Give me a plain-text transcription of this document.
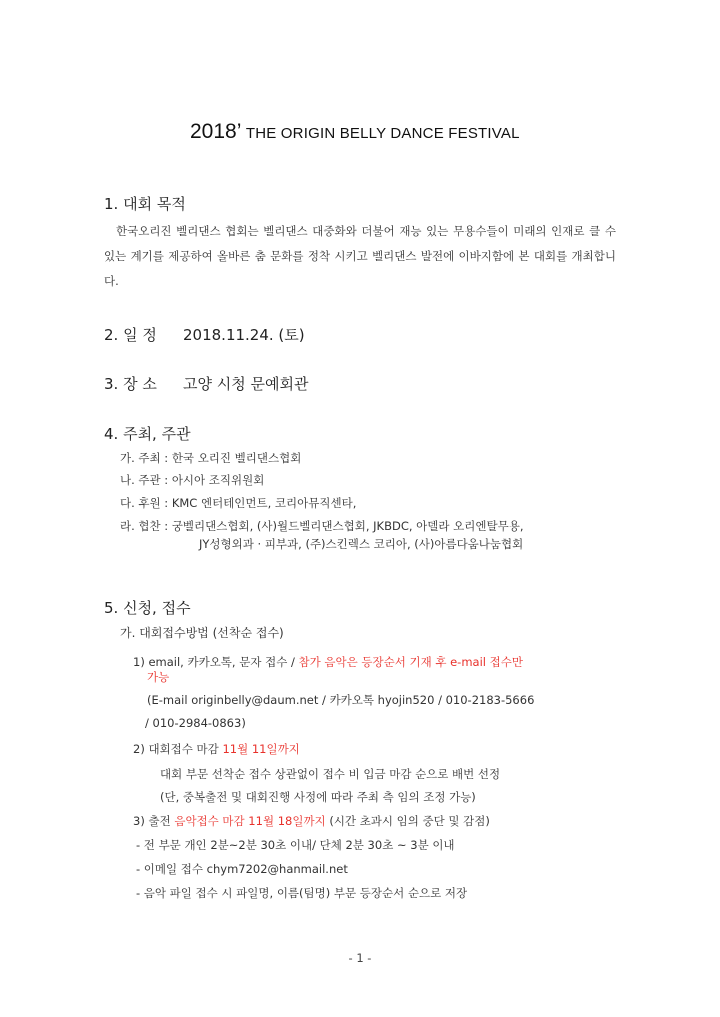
2018’ THE ORIGIN BELLY DANCE FESTIVAL
1. 대회 목적
한국오리진 벨리댄스 협회는 벨리댄스 대중화와 더불어 재능 있는 무용수들이 미래의 인재로 클 수 있는 계기를 제공하여 올바른 춤 문화를 정착 시키고 벨리댄스 발전에 이바지함에 본 대회를 개최합니다.
2. 일 정 2018.11.24. (토)
3. 장 소 고양 시청 문예회관
4. 주최, 주관
가. 주최 : 한국 오리진 벨리댄스협회
나. 주관 : 아시아 조직위원회
다. 후원 : KMC 엔터테인먼트, 코리아뮤직센타,
라. 협찬 : 궁벨리댄스협회, (사)월드벨리댄스협회, JKBDC, 아델라 오리엔탈무용,
JY성형외과 · 피부과, (주)스킨렉스 코리아, (사)아름다움나눔협회
5. 신청, 접수
가. 대회접수방법 (선착순 접수)
1) email, 카카오톡, 문자 접수 / 참가 음악은 등장순서 기재 후 e-mail 접수만
가능
(E-mail originbelly@daum.net / 카카오톡 hyojin520 / 010-2183-5666
/ 010-2984-0863)
2) 대회접수 마감 11월 11일까지
대회 부문 선착순 접수 상관없이 접수 비 입금 마감 순으로 배번 선정
(단, 중복출전 및 대회진행 사정에 따라 주최 측 임의 조정 가능)
3) 출전 음악접수 마감 11월 18일까지 (시간 초과시 임의 중단 및 감점)
- 전 부문 개인 2분~2분 30초 이내/ 단체 2분 30초 ~ 3분 이내
- 이메일 접수 chym7202@hanmail.net
- 음악 파일 접수 시 파일명, 이름(팀명) 부문 등장순서 순으로 저장
- 1 -
